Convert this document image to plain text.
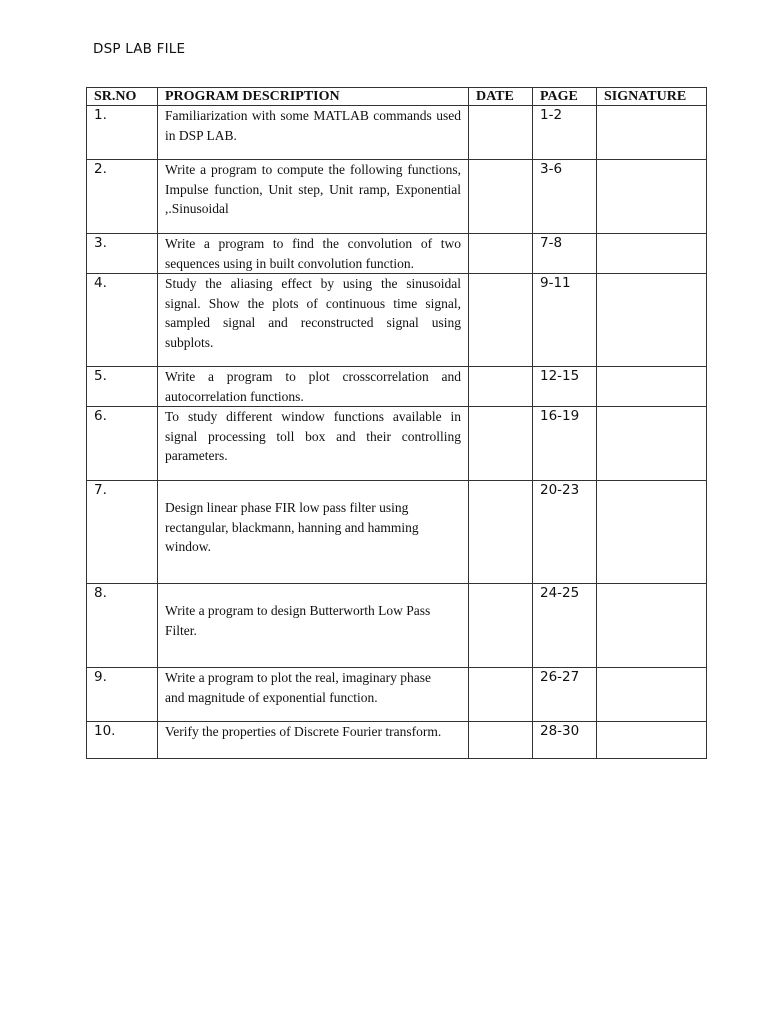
DSP LAB FILE
SR.NO	PROGRAM DESCRIPTION	DATE	PAGE	SIGNATURE
1.	Familiarization with some MATLAB commands used in DSP LAB.		1-2	
2.	Write a program to compute the following functions, Impulse function, Unit step, Unit ramp, Exponential ,.Sinusoidal		3-6	
3.	Write a program to find the convolution of two sequences using in built convolution function.		7-8	
4.	Study the aliasing effect by using the sinusoidal signal. Show the plots of continuous time signal, sampled signal and reconstructed signal using subplots.		9-11	
5.	Write a program to plot crosscorrelation and autocorrelation functions.		12-15	
6.	To study different window functions available in signal processing toll box and their controlling parameters.		16-19	
7.	Design linear phase FIR low pass filter using rectangular, blackmann, hanning and hamming window.		20-23	
8.	Write a program to design Butterworth Low Pass Filter.		24-25	
9.	Write a program to plot the real, imaginary phase and magnitude of exponential function.		26-27	
10.	Verify the properties of Discrete Fourier transform.		28-30	
